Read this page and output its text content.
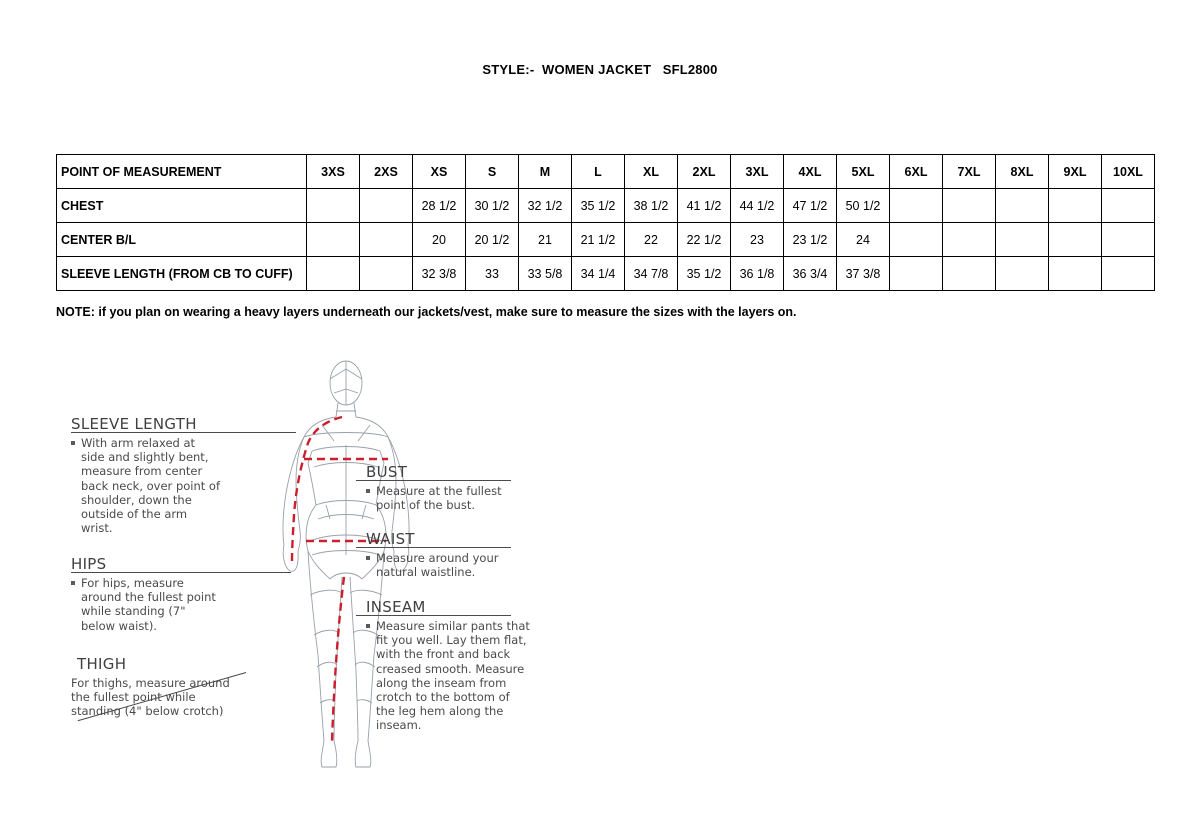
STYLE:-  WOMEN JACKET   SFL2800
POINT OF MEASUREMENT	3XS	2XS	XS	S	M	L	XL	2XL	3XL	4XL	5XL	6XL	7XL	8XL	9XL	10XL
CHEST			28 1/2	30 1/2	32 1/2	35 1/2	38 1/2	41 1/2	44 1/2	47 1/2	50 1/2					
CENTER B/L			20	20 1/2	21	21 1/2	22	22 1/2	23	23 1/2	24					
SLEEVE LENGTH (FROM CB TO CUFF)			32 3/8	33	33 5/8	34 1/4	34 7/8	35 1/2	36 1/8	36 3/4	37 3/8					
NOTE: if you plan on wearing a heavy layers underneath our jackets/vest, make sure to measure the sizes with the layers on.
SLEEVE LENGTH
With arm relaxed at side and slightly bent, measure from center back neck, over point of shoulder, down the outside of the arm wrist.
HIPS
For hips, measure around the fullest point while standing (7" below waist).
THIGH
For thighs, measure around the fullest point while standing (4" below crotch)
BUST
Measure at the fullest point of the bust.
WAIST
Measure around your natural waistline.
INSEAM
Measure similar pants that fit you well. Lay them flat, with the front and back creased smooth. Measure along the inseam from crotch to the bottom of the leg hem along the inseam.
